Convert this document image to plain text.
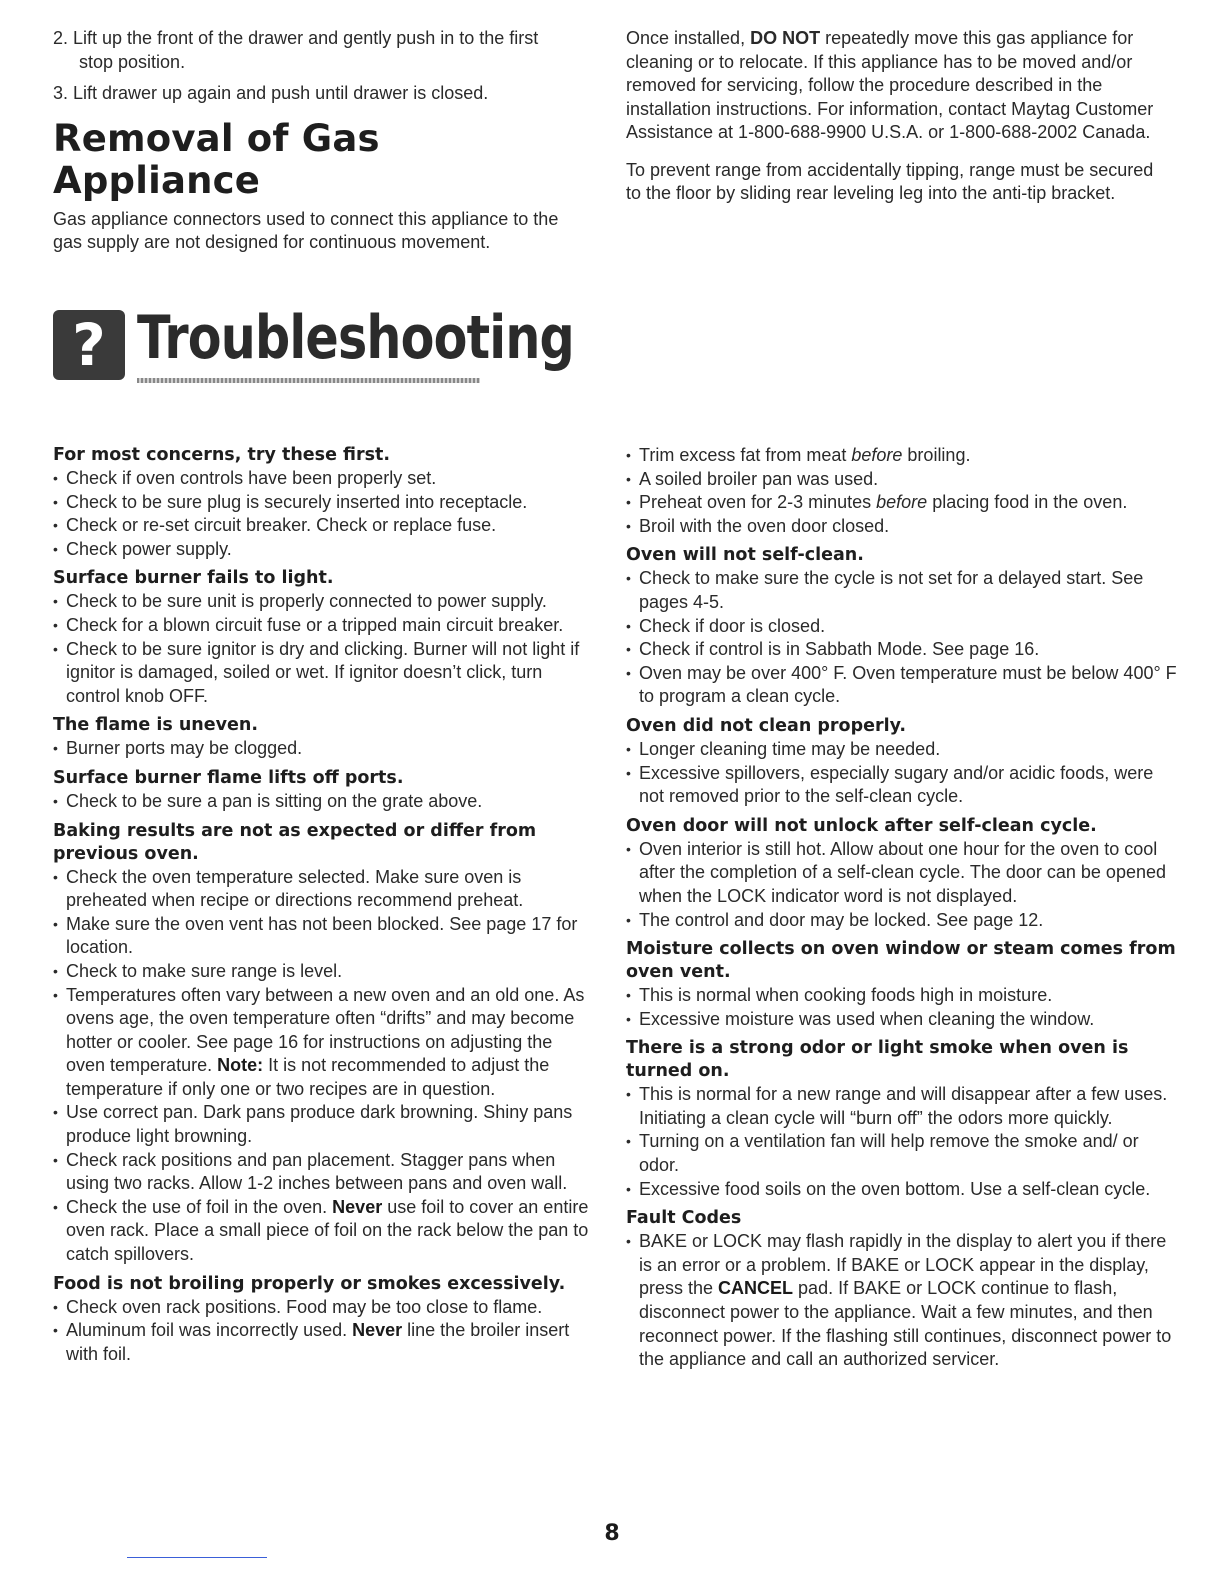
2. Lift up the front of the drawer and gently push in to the first stop position.

3. Lift drawer up again and push until drawer is closed.

Removal of Gas Appliance

Gas appliance connectors used to connect this appliance to the gas supply are not designed for continuous movement.

Once installed, DO NOT repeatedly move this gas appliance for cleaning or to relocate. If this appliance has to be moved and/or removed for servicing, follow the procedure described in the installation instructions. For information, contact Maytag Customer Assistance at 1-800-688-9900 U.S.A. or 1-800-688-2002 Canada.

To prevent range from accidentally tipping, range must be secured to the floor by sliding rear leveling leg into the anti-tip bracket.

? Troubleshooting
For most concerns, try these first.
• Check if oven controls have been properly set.
• Check to be sure plug is securely inserted into receptacle.
• Check or re-set circuit breaker. Check or replace fuse.
• Check power supply.
Surface burner fails to light.
• Check to be sure unit is properly connected to power supply.
• Check for a blown circuit fuse or a tripped main circuit breaker.
• Check to be sure ignitor is dry and clicking. Burner will not light if ignitor is damaged, soiled or wet. If ignitor doesn’t click, turn control knob OFF.
The flame is uneven.
• Burner ports may be clogged.
Surface burner flame lifts off ports.
• Check to be sure a pan is sitting on the grate above.
Baking results are not as expected or differ from previous oven.
• Check the oven temperature selected. Make sure oven is preheated when recipe or directions recommend preheat.
• Make sure the oven vent has not been blocked. See page 17 for location.
• Check to make sure range is level.
• Temperatures often vary between a new oven and an old one. As ovens age, the oven temperature often “drifts” and may become hotter or cooler. See page 16 for instructions on adjusting the oven temperature. Note: It is not recommended to adjust the temperature if only one or two recipes are in question.
• Use correct pan. Dark pans produce dark browning. Shiny pans produce light browning.
• Check rack positions and pan placement. Stagger pans when using two racks. Allow 1-2 inches between pans and oven wall.
• Check the use of foil in the oven. Never use foil to cover an entire oven rack. Place a small piece of foil on the rack below the pan to catch spillovers.
Food is not broiling properly or smokes excessively.
• Check oven rack positions. Food may be too close to flame.
• Aluminum foil was incorrectly used. Never line the broiler insert with foil.
• Trim excess fat from meat before broiling.
• A soiled broiler pan was used.
• Preheat oven for 2-3 minutes before placing food in the oven.
• Broil with the oven door closed.
Oven will not self-clean.
• Check to make sure the cycle is not set for a delayed start. See pages 4-5.
• Check if door is closed.
• Check if control is in Sabbath Mode. See page 16.
• Oven may be over 400° F. Oven temperature must be below 400° F to program a clean cycle.
Oven did not clean properly.
• Longer cleaning time may be needed.
• Excessive spillovers, especially sugary and/or acidic foods, were not removed prior to the self-clean cycle.
Oven door will not unlock after self-clean cycle.
• Oven interior is still hot. Allow about one hour for the oven to cool after the completion of a self-clean cycle. The door can be opened when the LOCK indicator word is not displayed.
• The control and door may be locked. See page 12.
Moisture collects on oven window or steam comes from oven vent.
• This is normal when cooking foods high in moisture.
• Excessive moisture was used when cleaning the window.
There is a strong odor or light smoke when oven is turned on.
• This is normal for a new range and will disappear after a few uses. Initiating a clean cycle will “burn off” the odors more quickly.
• Turning on a ventilation fan will help remove the smoke and/ or odor.
• Excessive food soils on the oven bottom. Use a self-clean cycle.
Fault Codes
• BAKE or LOCK may flash rapidly in the display to alert you if there is an error or a problem. If BAKE or LOCK appear in the display, press the CANCEL pad. If BAKE or LOCK continue to flash, disconnect power to the appliance. Wait a few minutes, and then reconnect power. If the flashing still continues, disconnect power to the appliance and call an authorized servicer.
8
